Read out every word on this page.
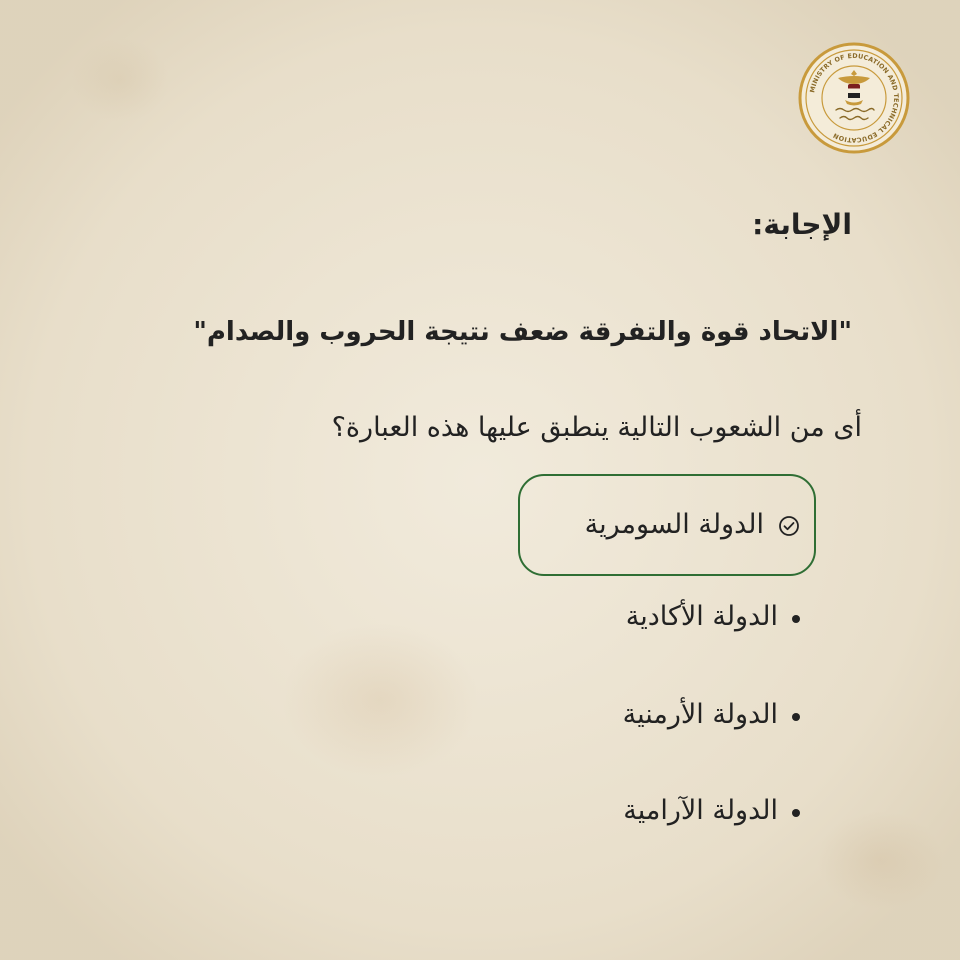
MINISTRY OF EDUCATION AND TECHNICAL EDUCATION
الإجابة:
"الاتحاد قوة والتفرقة ضعف نتيجة الحروب والصدام"
أى من الشعوب التالية ينطبق عليها هذه العبارة؟
الدولة السومرية
الدولة الأكادية
الدولة الأرمنية
الدولة الآرامية
